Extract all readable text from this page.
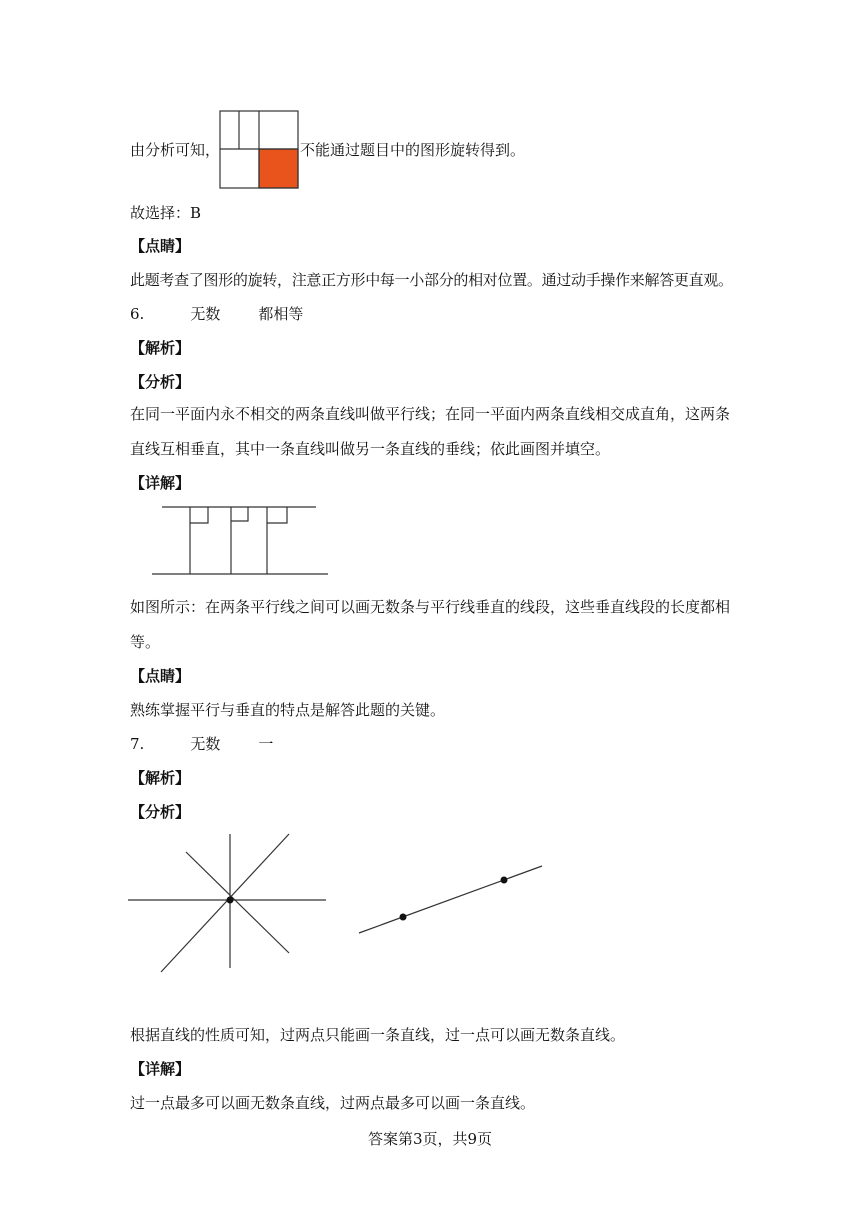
由分析可知，	不能通过题目中的图形旋转得到。
故选择：B
【点睛】
此题考查了图形的旋转，注意正方形中每一小部分的相对位置。通过动手操作来解答更直观。
6.	无数	都相等
【解析】
【分析】
在同一平面内永不相交的两条直线叫做平行线；在同一平面内两条直线相交成直角，这两条直线互相垂直，其中一条直线叫做另一条直线的垂线；依此画图并填空。
【详解】
如图所示：在两条平行线之间可以画无数条与平行线垂直的线段，这些垂直线段的长度都相等。
【点睛】
熟练掌握平行与垂直的特点是解答此题的关键。
7.	无数	一
【解析】
【分析】
根据直线的性质可知，过两点只能画一条直线，过一点可以画无数条直线。
【详解】
过一点最多可以画无数条直线，过两点最多可以画一条直线。
答案第3页，共9页
